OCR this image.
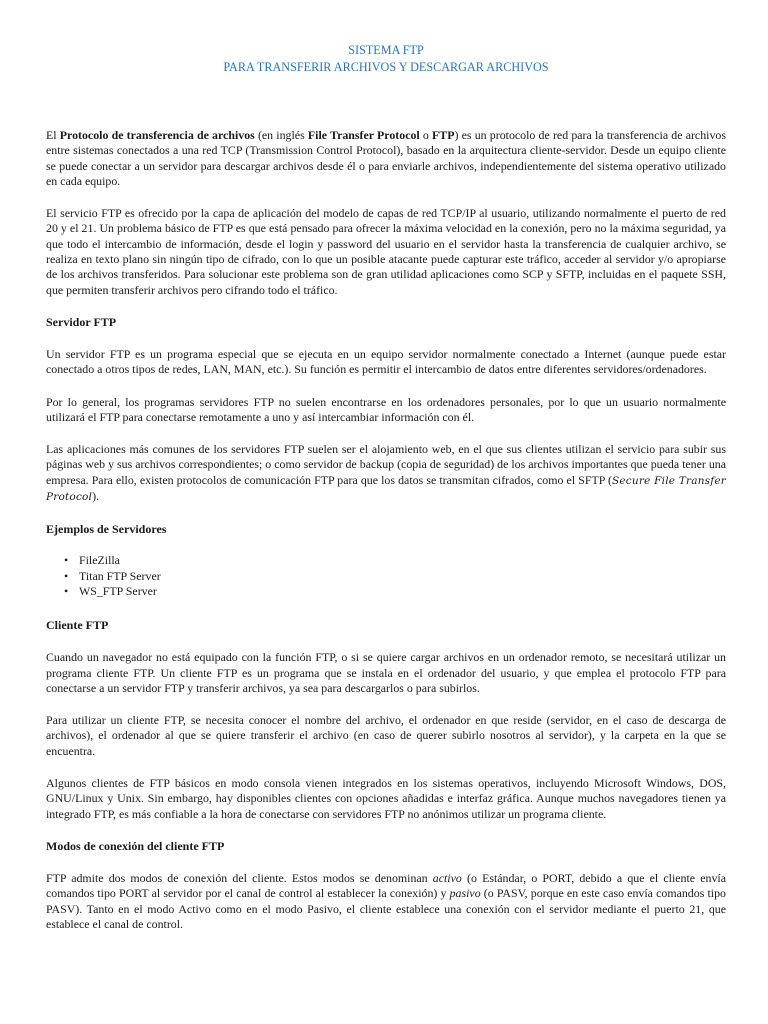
SISTEMA FTP
PARA TRANSFERIR ARCHIVOS Y DESCARGAR ARCHIVOS

El Protocolo de transferencia de archivos (en inglés File Transfer Protocol o FTP) es un protocolo de red para la transferencia de archivos entre sistemas conectados a una red TCP (Transmission Control Protocol), basado en la arquitectura cliente-servidor. Desde un equipo cliente se puede conectar a un servidor para descargar archivos desde él o para enviarle archivos, independientemente del sistema operativo utilizado en cada equipo.

El servicio FTP es ofrecido por la capa de aplicación del modelo de capas de red TCP/IP al usuario, utilizando normalmente el puerto de red 20 y el 21. Un problema básico de FTP es que está pensado para ofrecer la máxima velocidad en la conexión, pero no la máxima seguridad, ya que todo el intercambio de información, desde el login y password del usuario en el servidor hasta la transferencia de cualquier archivo, se realiza en texto plano sin ningún tipo de cifrado, con lo que un posible atacante puede capturar este tráfico, acceder al servidor y/o apropiarse de los archivos transferidos. Para solucionar este problema son de gran utilidad aplicaciones como SCP y SFTP, incluidas en el paquete SSH, que permiten transferir archivos pero cifrando todo el tráfico.

Servidor FTP

Un servidor FTP es un programa especial que se ejecuta en un equipo servidor normalmente conectado a Internet (aunque puede estar conectado a otros tipos de redes, LAN, MAN, etc.). Su función es permitir el intercambio de datos entre diferentes servidores/ordenadores.

Por lo general, los programas servidores FTP no suelen encontrarse en los ordenadores personales, por lo que un usuario normalmente utilizará el FTP para conectarse remotamente a uno y así intercambiar información con él.

Las aplicaciones más comunes de los servidores FTP suelen ser el alojamiento web, en el que sus clientes utilizan el servicio para subir sus páginas web y sus archivos correspondientes; o como servidor de backup (copia de seguridad) de los archivos importantes que pueda tener una empresa. Para ello, existen protocolos de comunicación FTP para que los datos se transmitan cifrados, como el SFTP (Secure File Transfer Protocol).

Ejemplos de Servidores
• FileZilla
• Titan FTP Server
• WS_FTP Server
Cliente FTP

Cuando un navegador no está equipado con la función FTP, o si se quiere cargar archivos en un ordenador remoto, se necesitará utilizar un programa cliente FTP. Un cliente FTP es un programa que se instala en el ordenador del usuario, y que emplea el protocolo FTP para conectarse a un servidor FTP y transferir archivos, ya sea para descargarlos o para subirlos.

Para utilizar un cliente FTP, se necesita conocer el nombre del archivo, el ordenador en que reside (servidor, en el caso de descarga de archivos), el ordenador al que se quiere transferir el archivo (en caso de querer subirlo nosotros al servidor), y la carpeta en la que se encuentra.

Algunos clientes de FTP básicos en modo consola vienen integrados en los sistemas operativos, incluyendo Microsoft Windows, DOS, GNU/Linux y Unix. Sin embargo, hay disponibles clientes con opciones añadidas e interfaz gráfica. Aunque muchos navegadores tienen ya integrado FTP, es más confiable a la hora de conectarse con servidores FTP no anónimos utilizar un programa cliente.

Modos de conexión del cliente FTP

FTP admite dos modos de conexión del cliente. Estos modos se denominan activo (o Estándar, o PORT, debido a que el cliente envía comandos tipo PORT al servidor por el canal de control al establecer la conexión) y pasivo (o PASV, porque en este caso envía comandos tipo PASV). Tanto en el modo Activo como en el modo Pasivo, el cliente establece una conexión con el servidor mediante el puerto 21, que establece el canal de control.
